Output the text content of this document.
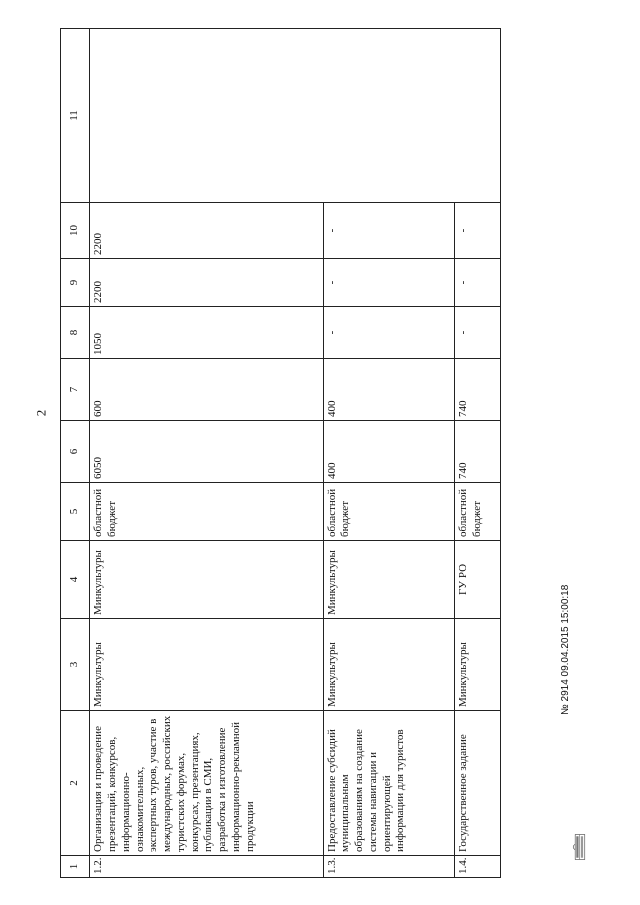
2
1	2	3	4	5	6	7	8	9	10	11
1.2.	Организация и проведение презентаций, конкурсов, информационно-ознакомительных, экспертных туров, участие в международных, российских туристских форумах, конкурсах, презентациях, публикации в СМИ, разработка и изготовление информационно-рекламной продукции	Минкультуры	Минкультуры	областной бюджет	6050	600	1050	2200	2200	
1.3.	Предоставление субсидий муниципальным образованиям на создание системы навигации и ориентирующей информации для туристов	Минкультуры	Минкультуры	областной бюджет	400	400	-	-	-	
1.4.	Государственное задание	Минкультуры	ГУ РО	областной бюджет	740	740	-	-	-	
№ 2914 09.04.2015 15:00:18
